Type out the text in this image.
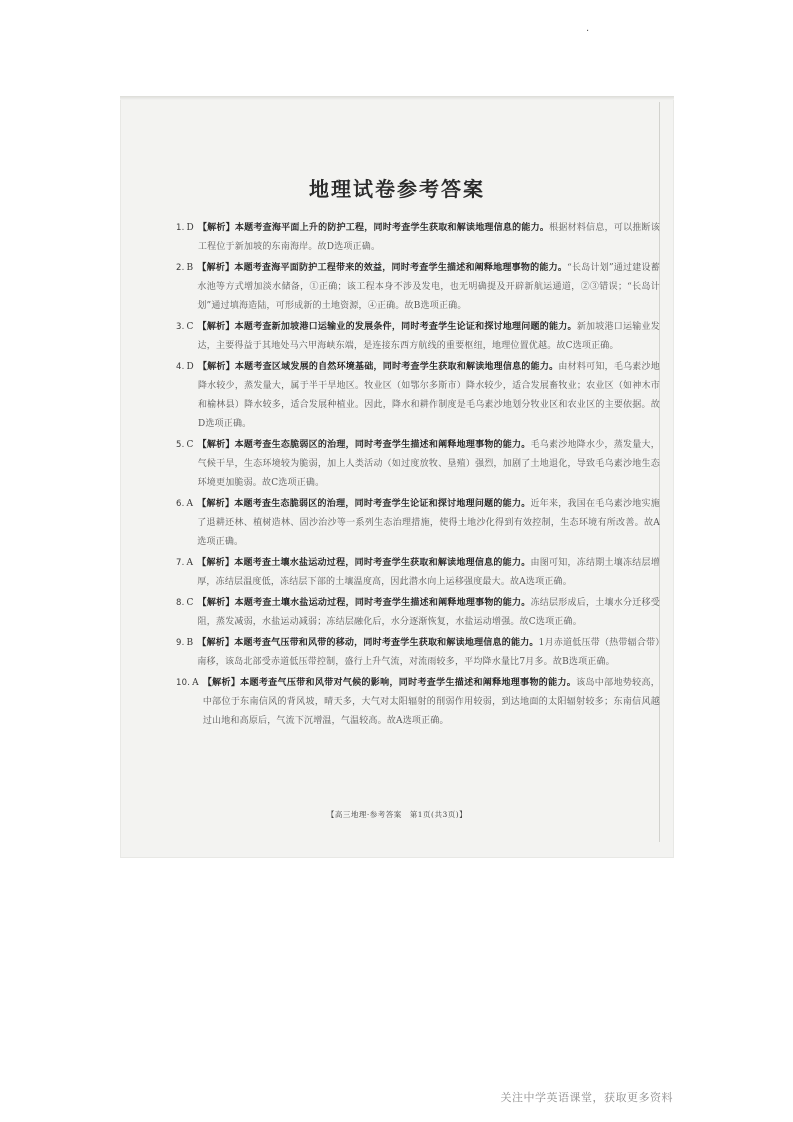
·
地理试卷参考答案
1. D 【解析】本题考查海平面上升的防护工程，同时考查学生获取和解读地理信息的能力。根据材料信息，可以推断该工程位于新加坡的东南海岸。故D选项正确。
2. B 【解析】本题考查海平面防护工程带来的效益，同时考查学生描述和阐释地理事物的能力。“长岛计划”通过建设蓄水池等方式增加淡水储备，①正确；该工程本身不涉及发电，也无明确提及开辟新航运通道，②③错误；“长岛计划”通过填海造陆，可形成新的土地资源，④正确。故B选项正确。
3. C 【解析】本题考查新加坡港口运输业的发展条件，同时考查学生论证和探讨地理问题的能力。新加坡港口运输业发达，主要得益于其地处马六甲海峡东端，是连接东西方航线的重要枢纽，地理位置优越。故C选项正确。
4. D 【解析】本题考查区域发展的自然环境基础，同时考查学生获取和解读地理信息的能力。由材料可知，毛乌素沙地降水较少，蒸发量大，属于半干旱地区。牧业区（如鄂尔多斯市）降水较少，适合发展畜牧业；农业区（如神木市和榆林县）降水较多，适合发展种植业。因此，降水和耕作制度是毛乌素沙地划分牧业区和农业区的主要依据。故D选项正确。
5. C 【解析】本题考查生态脆弱区的治理，同时考查学生描述和阐释地理事物的能力。毛乌素沙地降水少，蒸发量大，气候干旱，生态环境较为脆弱，加上人类活动（如过度放牧、垦殖）强烈，加剧了土地退化，导致毛乌素沙地生态环境更加脆弱。故C选项正确。
6. A 【解析】本题考查生态脆弱区的治理，同时考查学生论证和探讨地理问题的能力。近年来，我国在毛乌素沙地实施了退耕还林、植树造林、固沙治沙等一系列生态治理措施，使得土地沙化得到有效控制，生态环境有所改善。故A选项正确。
7. A 【解析】本题考查土壤水盐运动过程，同时考查学生获取和解读地理信息的能力。由图可知，冻结期土壤冻结层增厚，冻结层温度低，冻结层下部的土壤温度高，因此潜水向上运移强度最大。故A选项正确。
8. C 【解析】本题考查土壤水盐运动过程，同时考查学生描述和阐释地理事物的能力。冻结层形成后，土壤水分迁移受阻，蒸发减弱，水盐运动减弱；冻结层融化后，水分逐渐恢复，水盐运动增强。故C选项正确。
9. B 【解析】本题考查气压带和风带的移动，同时考查学生获取和解读地理信息的能力。1月赤道低压带（热带辐合带）南移，该岛北部受赤道低压带控制，盛行上升气流，对流雨较多，平均降水量比7月多。故B选项正确。
10. A 【解析】本题考查气压带和风带对气候的影响，同时考查学生描述和阐释地理事物的能力。该岛中部地势较高，中部位于东南信风的背风坡，晴天多，大气对太阳辐射的削弱作用较弱，到达地面的太阳辐射较多；东南信风越过山地和高原后，气流下沉增温，气温较高。故A选项正确。
【高三地理·参考答案　第1页(共3页)】
关注中学英语课堂，获取更多资料
